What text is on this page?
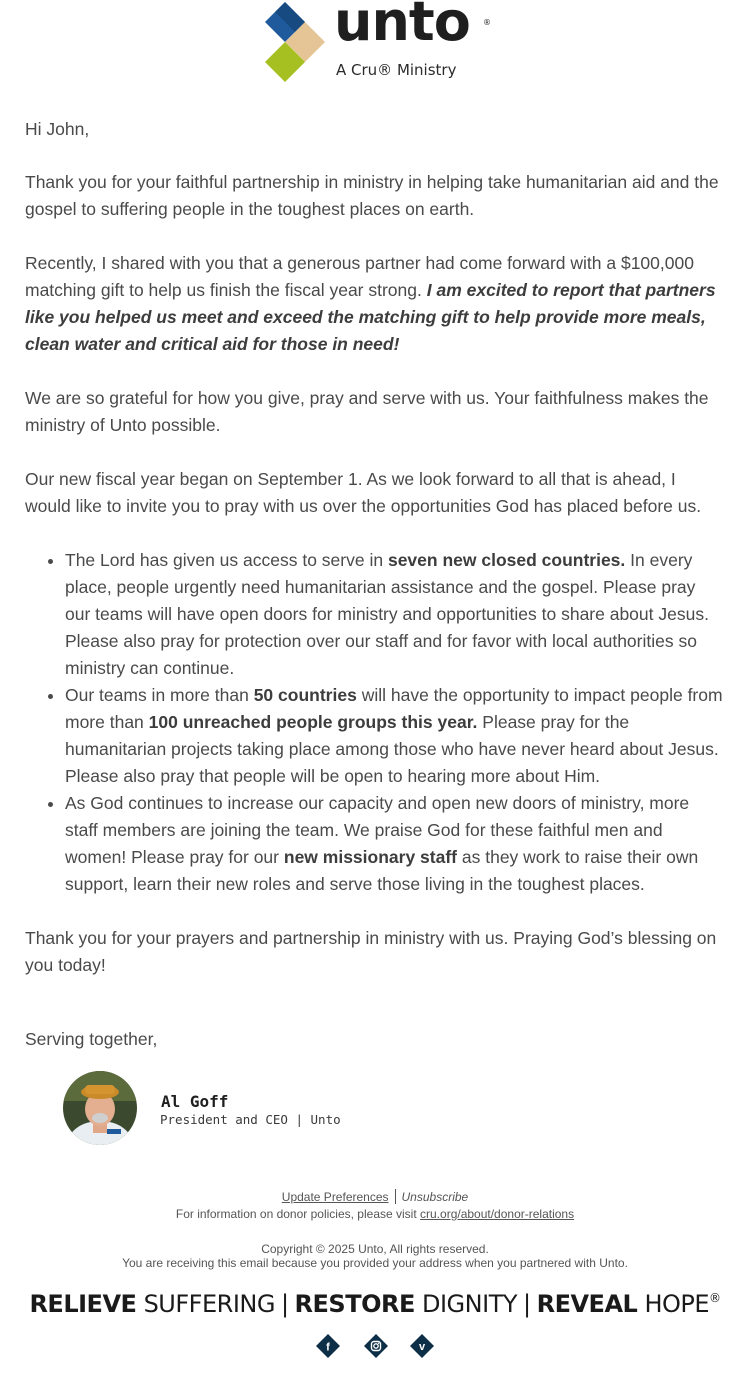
unto ®
A Cru® Ministry

Hi John,

Thank you for your faithful partnership in ministry in helping take humanitarian aid and the gospel to suffering people in the toughest places on earth.

Recently, I shared with you that a generous partner had come forward with a $100,000 matching gift to help us finish the fiscal year strong. I am excited to report that partners like you helped us meet and exceed the matching gift to help provide more meals, clean water and critical aid for those in need!

We are so grateful for how you give, pray and serve with us. Your faithfulness makes the ministry of Unto possible.

Our new fiscal year began on September 1. As we look forward to all that is ahead, I would like to invite you to pray with us over the opportunities God has placed before us.

• The Lord has given us access to serve in seven new closed countries. In every place, people urgently need humanitarian assistance and the gospel. Please pray our teams will have open doors for ministry and opportunities to share about Jesus. Please also pray for protection over our staff and for favor with local authorities so ministry can continue.
• Our teams in more than 50 countries will have the opportunity to impact people from more than 100 unreached people groups this year. Please pray for the humanitarian projects taking place among those who have never heard about Jesus. Please also pray that people will be open to hearing more about Him.
• As God continues to increase our capacity and open new doors of ministry, more staff members are joining the team. We praise God for these faithful men and women! Please pray for our new missionary staff as they work to raise their own support, learn their new roles and serve those living in the toughest places.

Thank you for your prayers and partnership in ministry with us. Praying God’s blessing on you today!

Serving together,
Al Goff
President and CEO | Unto
Update Preferences Unsubscribe
For information on donor policies, please visit cru.org/about/donor-relations
Copyright © 2025 Unto, All rights reserved.
You are receiving this email because you provided your address when you partnered with Unto.
RELIEVE SUFFERING | RESTORE DIGNITY | REVEAL HOPE®
f	v
